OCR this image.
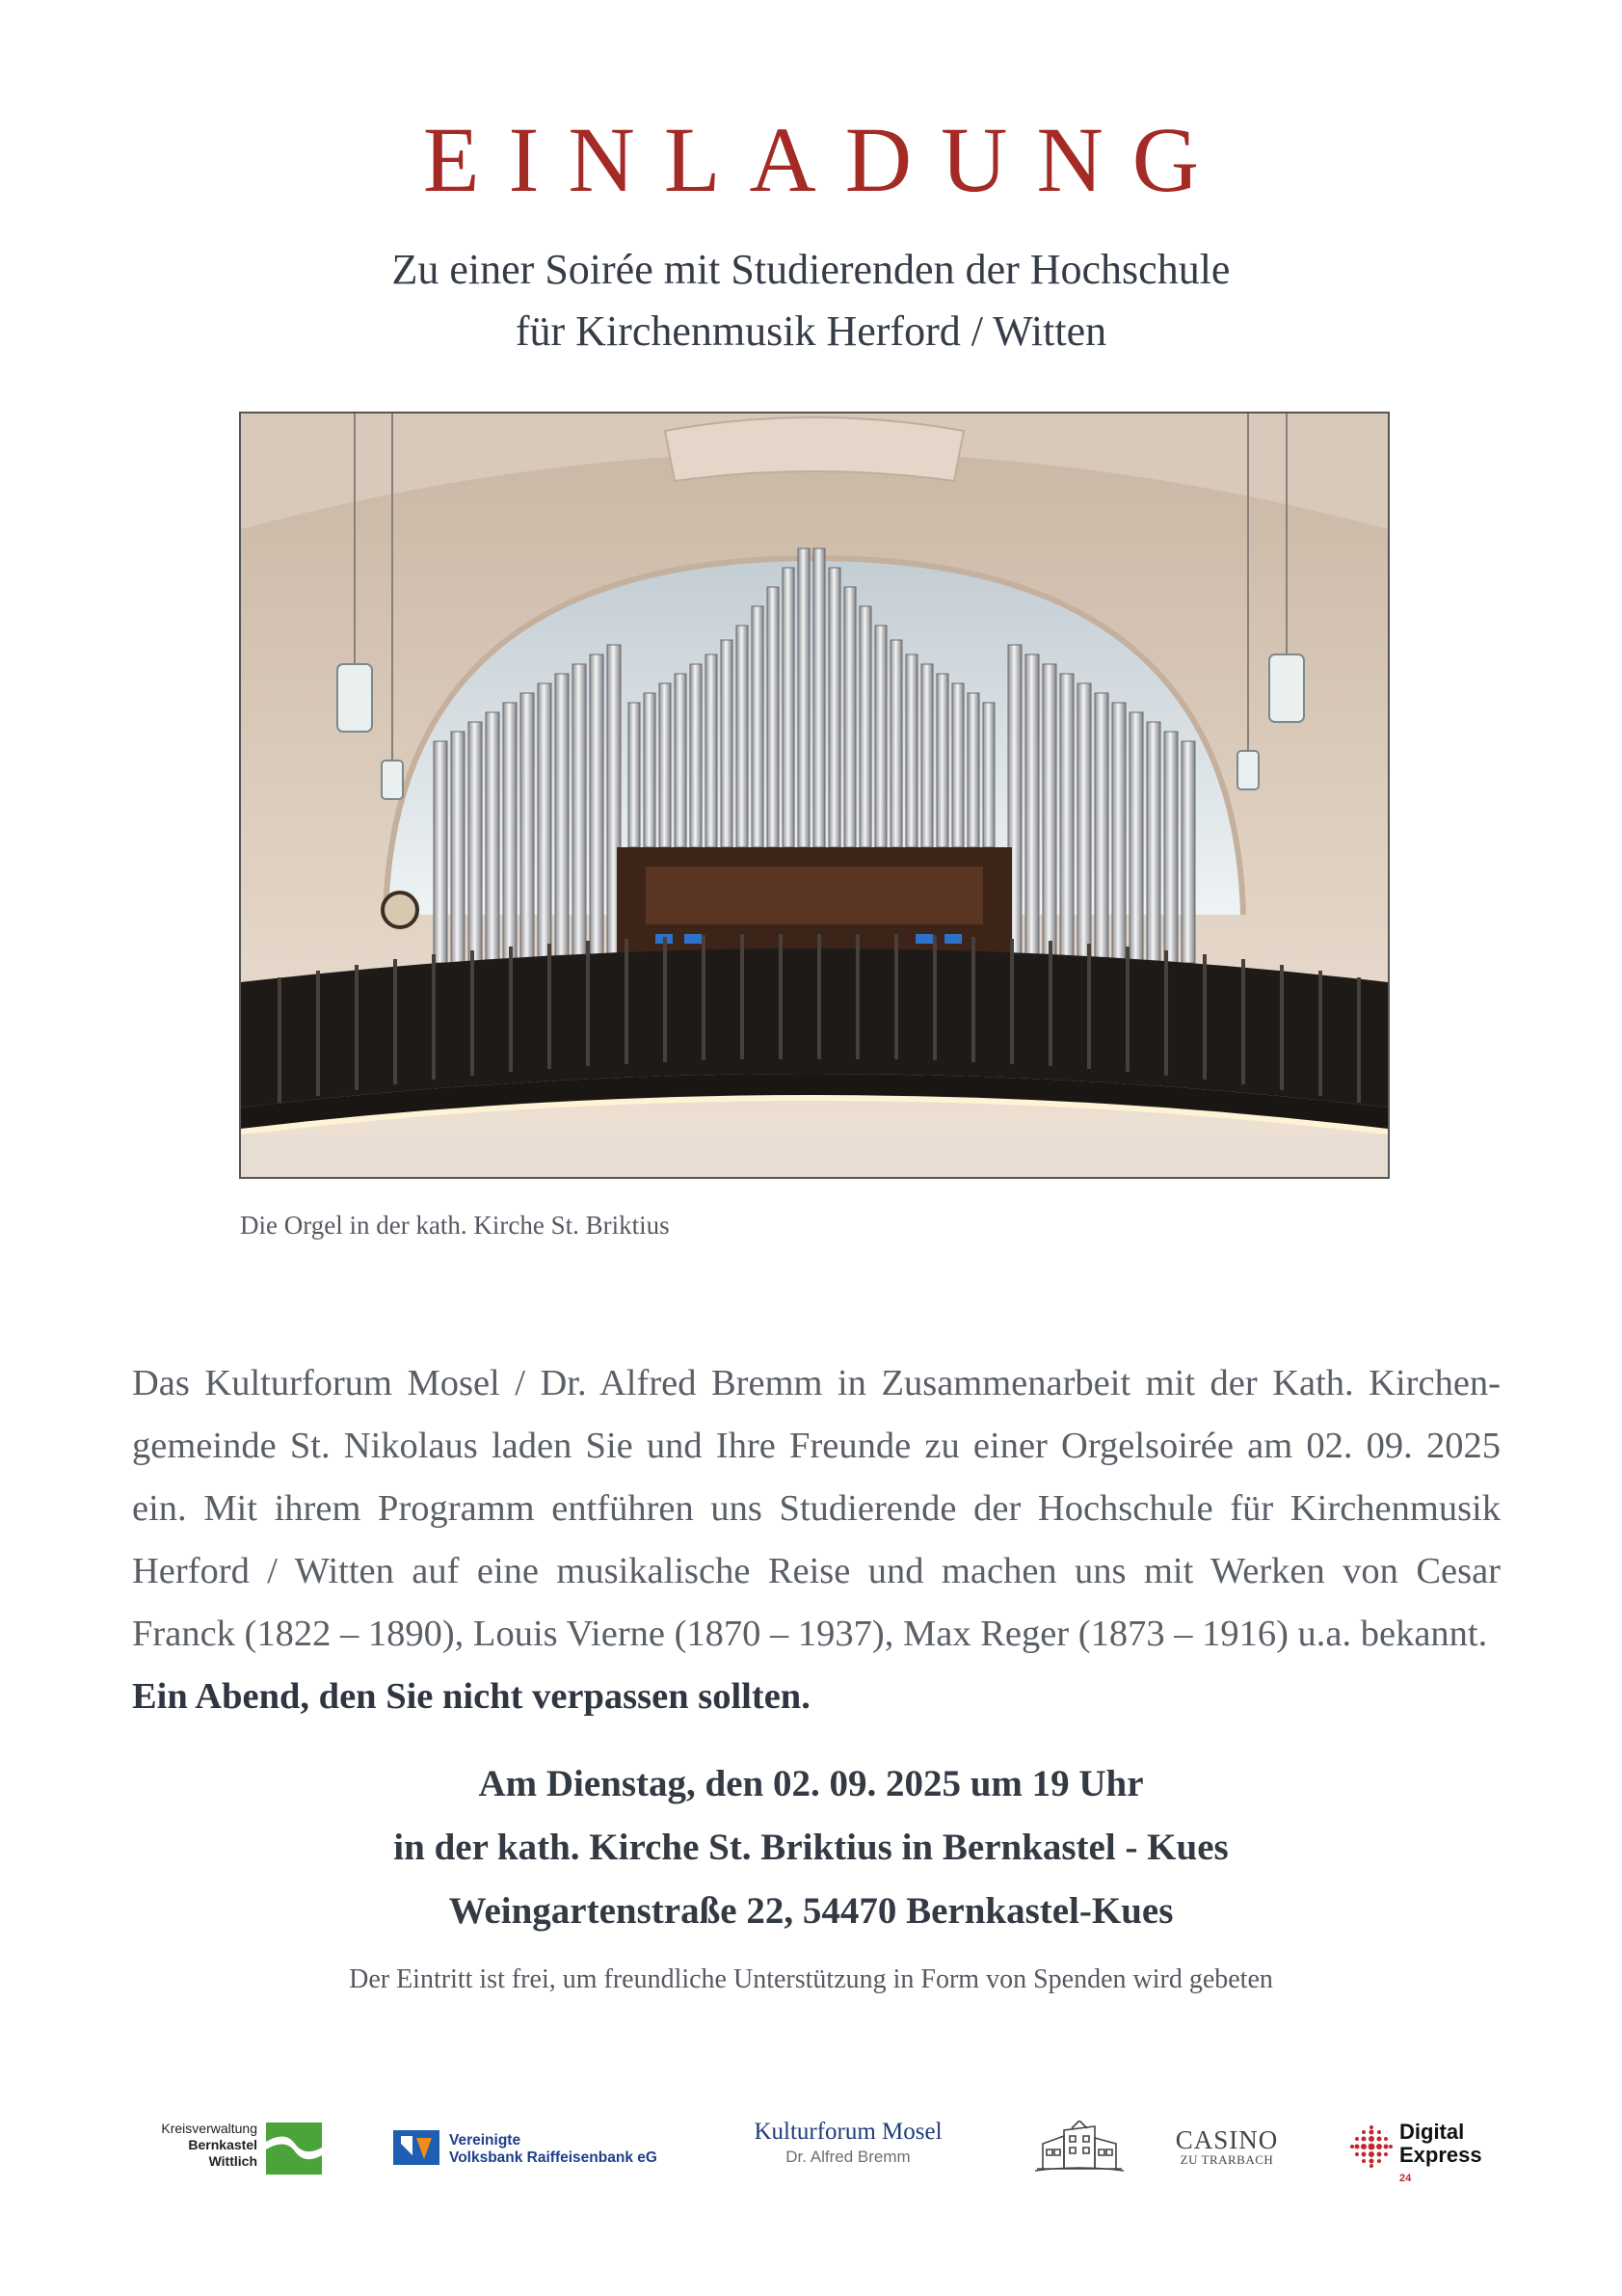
EINLADUNG
Zu einer Soirée mit Studierenden der Hochschule
für Kirchenmusik Herford / Witten
Die Orgel in der kath. Kirche St. Briktius
Das Kulturforum Mosel / Dr. Alfred Bremm in Zusammenarbeit mit der Kath. Kirchen-
gemeinde St. Nikolaus laden Sie und Ihre Freunde zu einer Orgelsoirée am 02. 09. 2025
ein. Mit ihrem Programm entführen uns Studierende der Hochschule für Kirchenmusik
Herford / Witten auf eine musikalische Reise und machen uns mit Werken von Cesar
Franck (1822 – 1890), Louis Vierne (1870 – 1937), Max Reger (1873 – 1916) u.a. bekannt.
Ein Abend, den Sie nicht verpassen sollten.
Am Dienstag, den 02. 09. 2025 um 19 Uhr
in der kath. Kirche St. Briktius in Bernkastel - Kues
Weingartenstraße 22, 54470 Bernkastel-Kues
Der Eintritt ist frei, um freundliche Unterstützung in Form von Spenden wird gebeten
Kreisverwaltung
Bernkastel
Wittlich
Vereinigte
Volksbank Raiffeisenbank eG
Kulturforum Mosel
Dr. Alfred Bremm
CASINO
ZU TRARBACH
Digital
Express
$^{24}$
